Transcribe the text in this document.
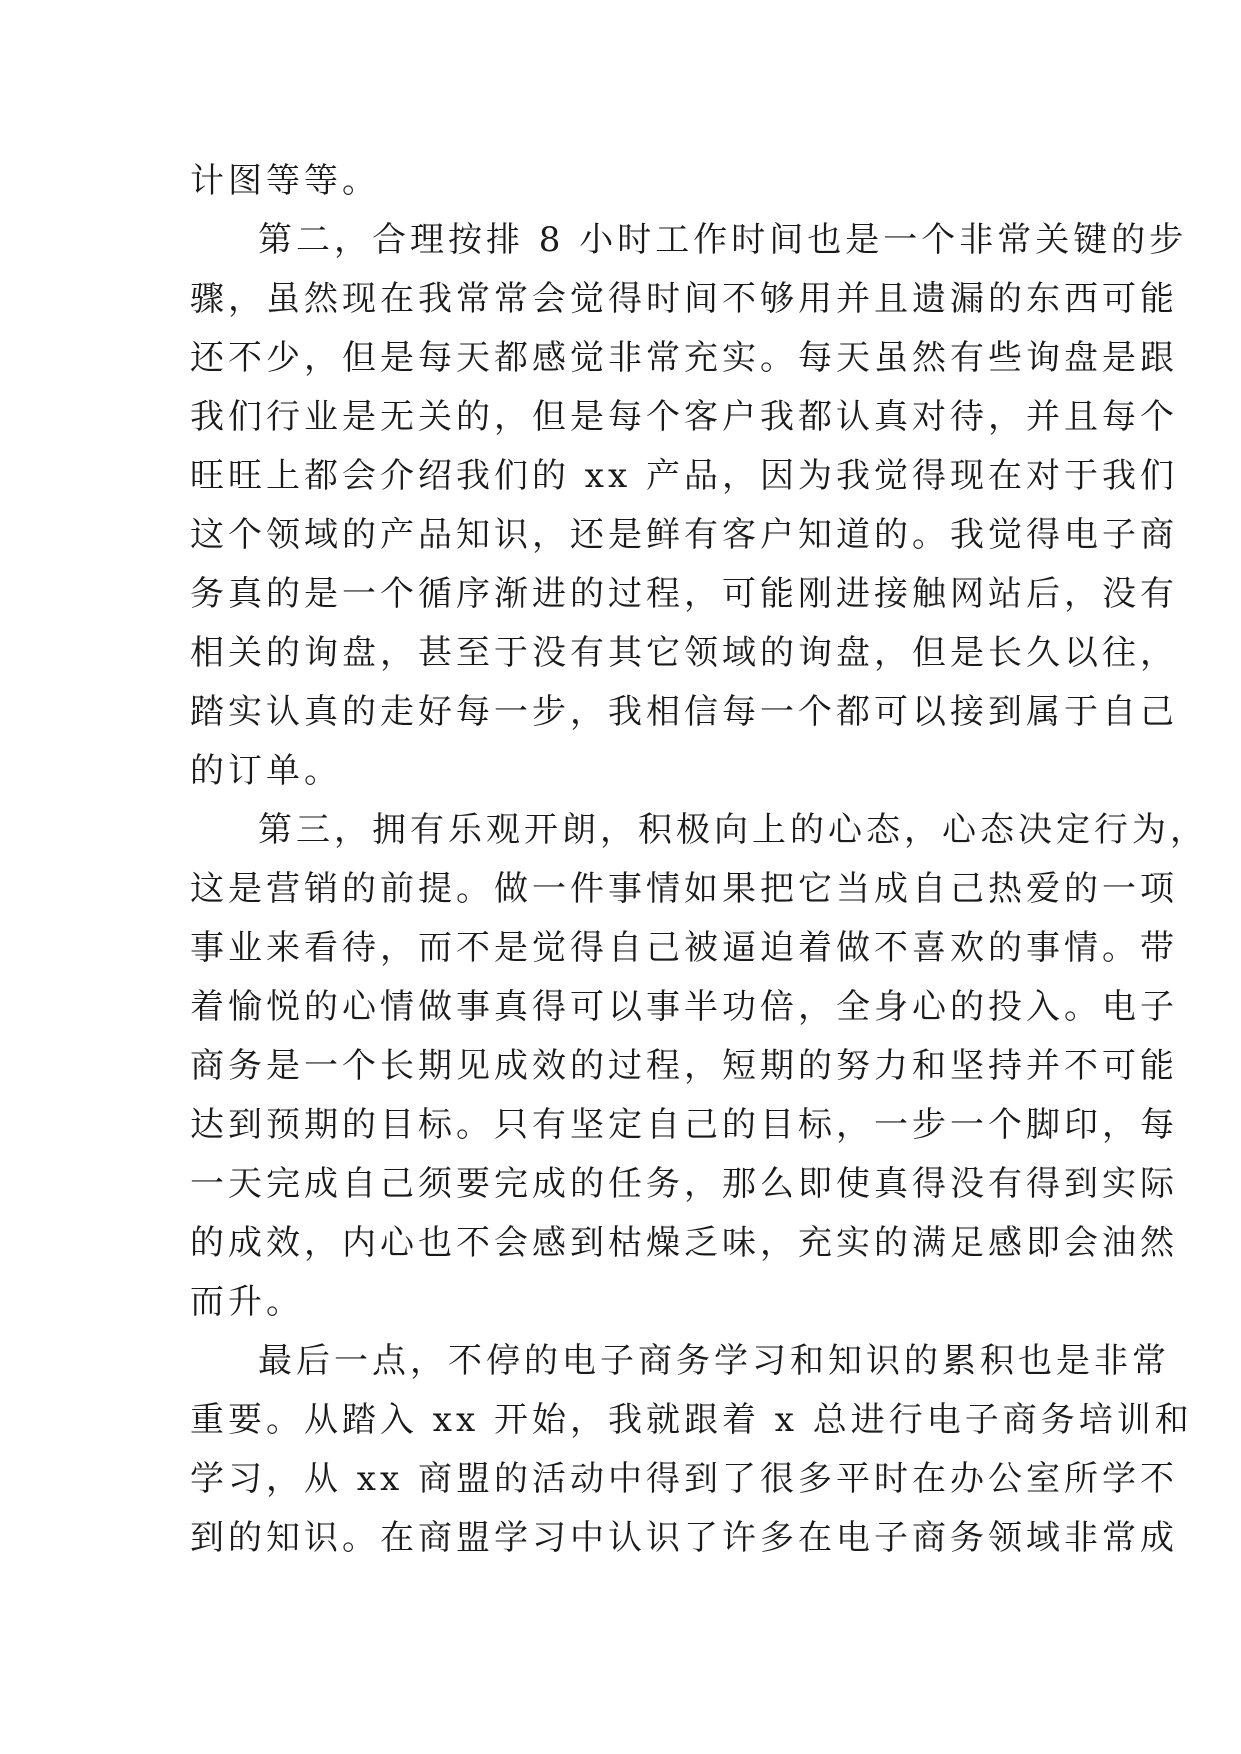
计图等等。
第二，合理按排 8 小时工作时间也是一个非常关键的步
骤，虽然现在我常常会觉得时间不够用并且遗漏的东西可能
还不少，但是每天都感觉非常充实。每天虽然有些询盘是跟
我们行业是无关的，但是每个客户我都认真对待，并且每个
旺旺上都会介绍我们的 xx 产品，因为我觉得现在对于我们
这个领域的产品知识，还是鲜有客户知道的。我觉得电子商
务真的是一个循序渐进的过程，可能刚进接触网站后，没有
相关的询盘，甚至于没有其它领域的询盘，但是长久以往，
踏实认真的走好每一步，我相信每一个都可以接到属于自己
的订单。
第三，拥有乐观开朗，积极向上的心态，心态决定行为，
这是营销的前提。做一件事情如果把它当成自己热爱的一项
事业来看待，而不是觉得自己被逼迫着做不喜欢的事情。带
着愉悦的心情做事真得可以事半功倍，全身心的投入。电子
商务是一个长期见成效的过程，短期的努力和坚持并不可能
达到预期的目标。只有坚定自己的目标，一步一个脚印，每
一天完成自己须要完成的任务，那么即使真得没有得到实际
的成效，内心也不会感到枯燥乏味，充实的满足感即会油然
而升。
最后一点，不停的电子商务学习和知识的累积也是非常
重要。从踏入 xx 开始，我就跟着 x 总进行电子商务培训和
学习，从 xx 商盟的活动中得到了很多平时在办公室所学不
到的知识。在商盟学习中认识了许多在电子商务领域非常成
